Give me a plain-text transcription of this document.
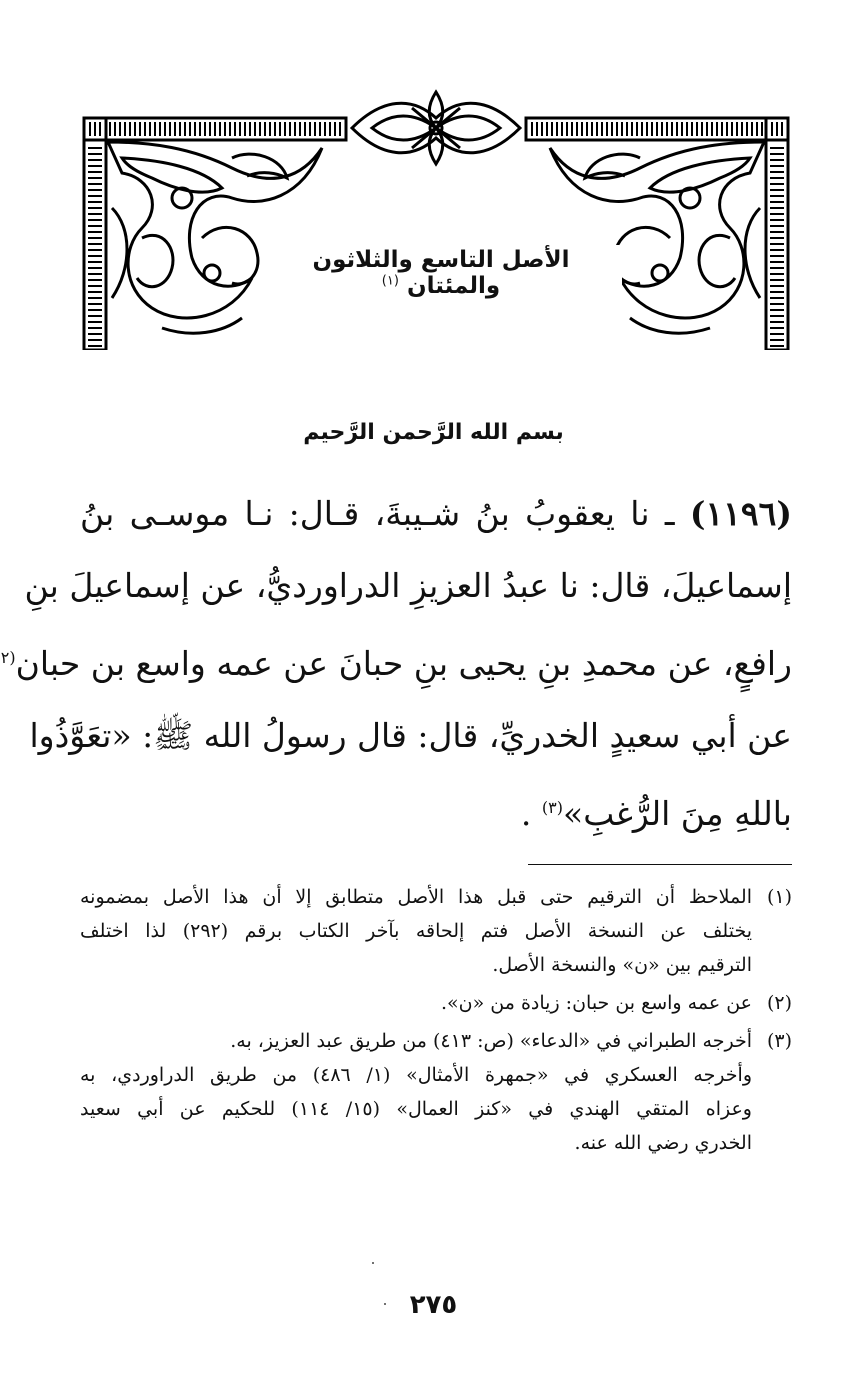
الأصل التاسع والثلاثون والمئتان $^{(١)}$
بسم الله الرَّحمن الرَّحيم
(١١٩٦) ـ نا يعقوبُ بنُ شـيبةَ، قـال: نـا موسـى بنُ
إسماعيلَ، قال: نا عبدُ العزيزِ الدراورديُّ، عن إسماعيلَ بنِ
رافعٍ، عن محمدِ بنِ يحيى بنِ حبانَ عن عمه واسع بن حبان$^{(٢}$
عن أبي سعيدٍ الخدريِّ، قال: قال رسولُ الله ﷺ: «تعَوَّذُوا
باللهِ مِنَ الرُّغبِ»$^{(٣)}$ .
(١)
الملاحظ أن الترقيم حتى قبل هذا الأصل متطابق إلا أن هذا الأصل بمضمونه
يختلف عن النسخة الأصل فتم إلحاقه بآخر الكتاب برقم (٢٩٢) لذا اختلف
الترقيم بين «ن» والنسخة الأصل.
(٢)
عن عمه واسع بن حبان: زيادة من «ن».
(٣)
أخرجه الطبراني في «الدعاء» (ص: ٤١٣) من طريق عبد العزيز، به.
وأخرجه العسكري في «جمهرة الأمثال» (١/ ٤٨٦) من طريق الدراوردي، به
وعزاه المتقي الهندي في «كنز العمال» (١٥/ ١١٤) للحكيم عن أبي سعيد
الخدري رضي الله عنه.
٢٧٥
